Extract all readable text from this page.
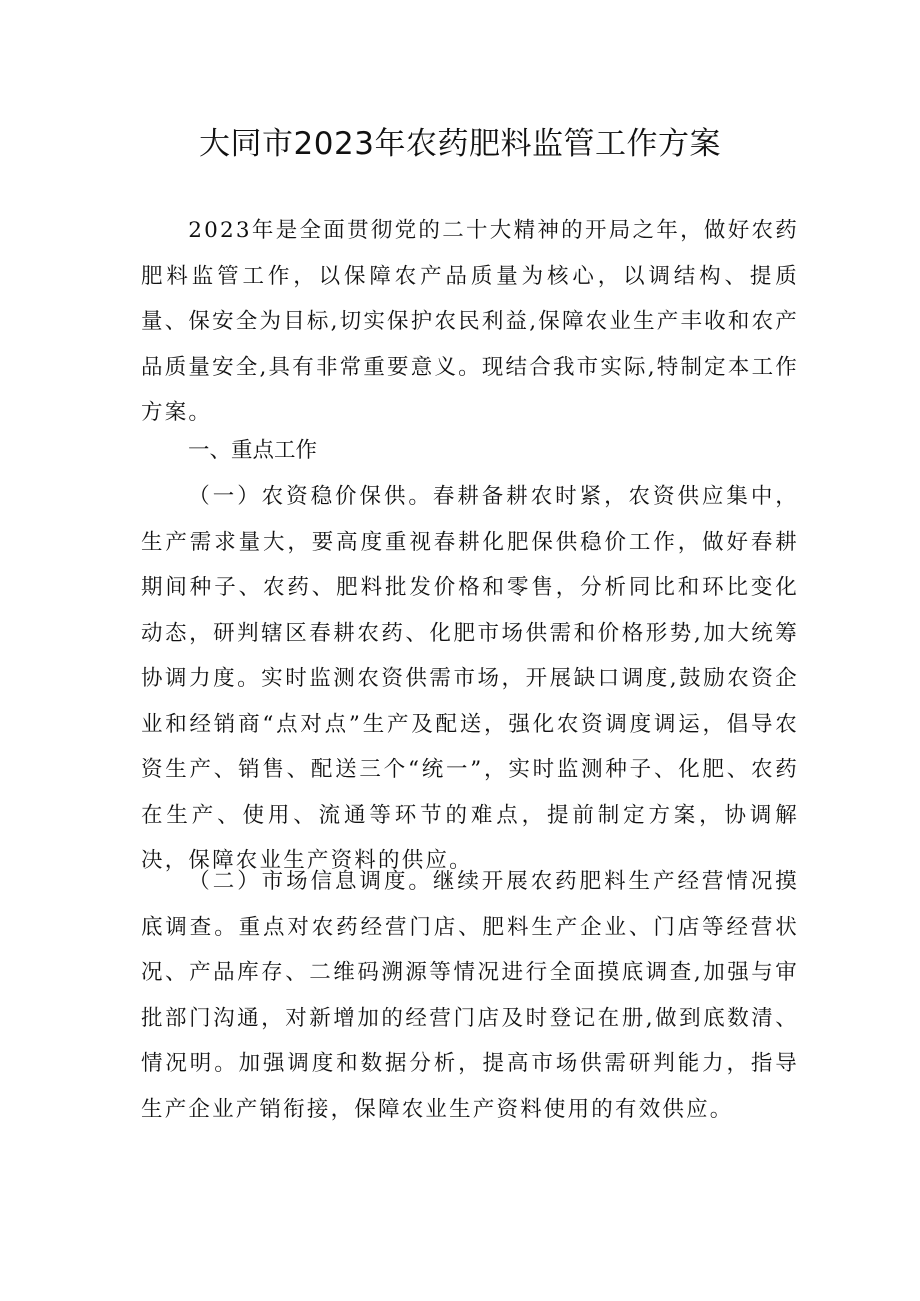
大同市2023年农药肥料监管工作方案

2023年是全面贯彻党的二十大精神的开局之年，做好农药肥料监管工作，以保障农产品质量为核心，以调结构、提质量、保安全为目标,切实保护农民利益,保障农业生产丰收和农产品质量安全,具有非常重要意义。现结合我市实际,特制定本工作方案。

一、重点工作

（一）农资稳价保供。春耕备耕农时紧，农资供应集中，生产需求量大，要高度重视春耕化肥保供稳价工作，做好春耕期间种子、农药、肥料批发价格和零售，分析同比和环比变化动态，研判辖区春耕农药、化肥市场供需和价格形势,加大统筹协调力度。实时监测农资供需市场，开展缺口调度,鼓励农资企业和经销商“点对点”生产及配送，强化农资调度调运，倡导农资生产、销售、配送三个“统一”，实时监测种子、化肥、农药在生产、使用、流通等环节的难点，提前制定方案，协调解决，保障农业生产资料的供应。

（二）市场信息调度。继续开展农药肥料生产经营情况摸底调查。重点对农药经营门店、肥料生产企业、门店等经营状况、产品库存、二维码溯源等情况进行全面摸底调查,加强与审批部门沟通，对新增加的经营门店及时登记在册,做到底数清、情况明。加强调度和数据分析，提高市场供需研判能力，指导生产企业产销衔接，保障农业生产资料使用的有效供应。
